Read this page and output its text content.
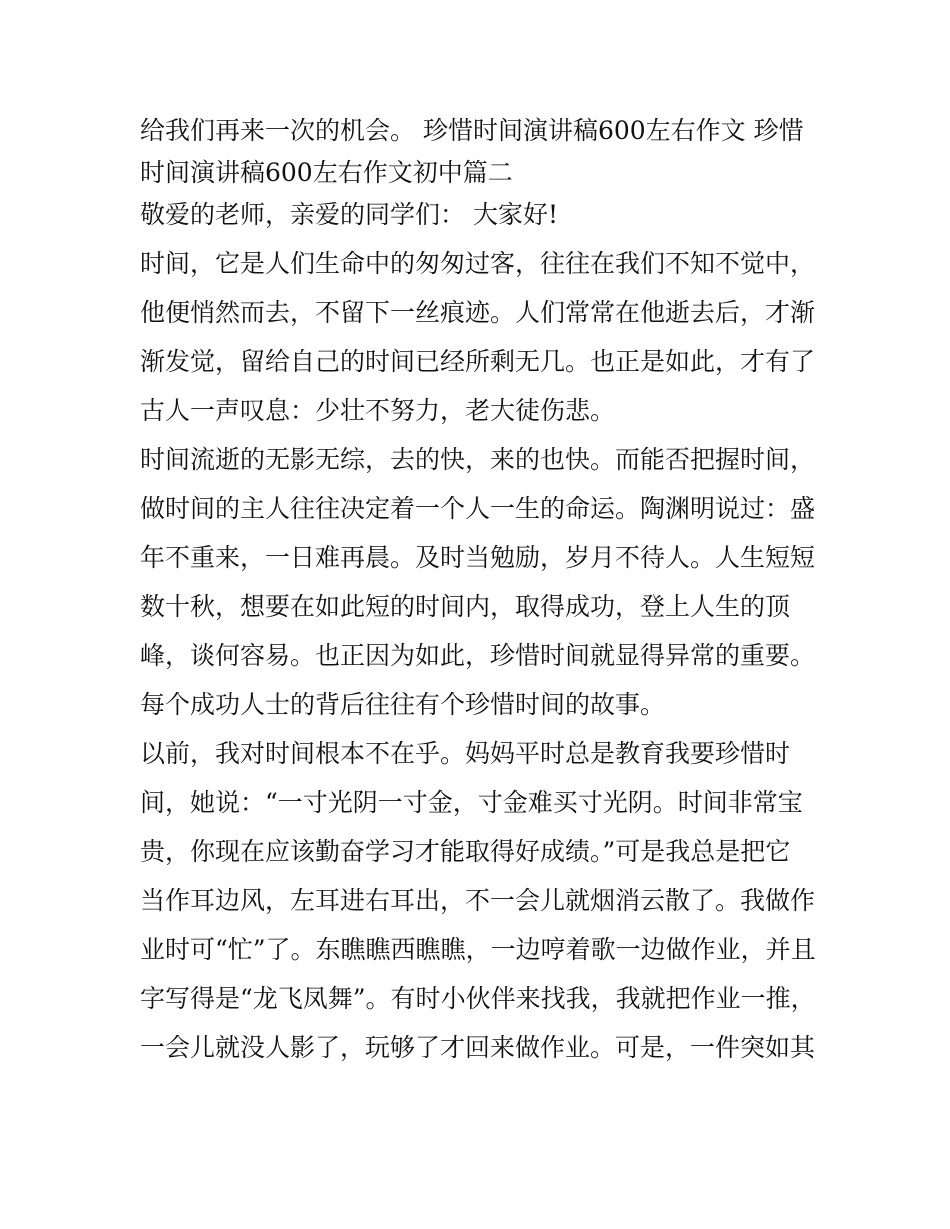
给我们再来一次的机会。 珍惜时间演讲稿600左右作文 珍惜
时间演讲稿600左右作文初中篇二
敬爱的老师，亲爱的同学们： 大家好!
时间，它是人们生命中的匆匆过客，往往在我们不知不觉中，
他便悄然而去，不留下一丝痕迹。人们常常在他逝去后，才渐
渐发觉，留给自己的时间已经所剩无几。也正是如此，才有了
古人一声叹息：少壮不努力，老大徒伤悲。
时间流逝的无影无综，去的快，来的也快。而能否把握时间，
做时间的主人往往决定着一个人一生的命运。陶渊明说过：盛
年不重来，一日难再晨。及时当勉励，岁月不待人。人生短短
数十秋，想要在如此短的时间内，取得成功，登上人生的顶
峰，谈何容易。也正因为如此，珍惜时间就显得异常的重要。
每个成功人士的背后往往有个珍惜时间的故事。
以前，我对时间根本不在乎。妈妈平时总是教育我要珍惜时
间，她说：“一寸光阴一寸金，寸金难买寸光阴。时间非常宝
贵，你现在应该勤奋学习才能取得好成绩。”可是我总是把它
当作耳边风，左耳进右耳出，不一会儿就烟消云散了。我做作
业时可“忙”了。东瞧瞧西瞧瞧，一边哼着歌一边做作业，并且
字写得是“龙飞凤舞”。有时小伙伴来找我，我就把作业一推，
一会儿就没人影了，玩够了才回来做作业。可是，一件突如其
